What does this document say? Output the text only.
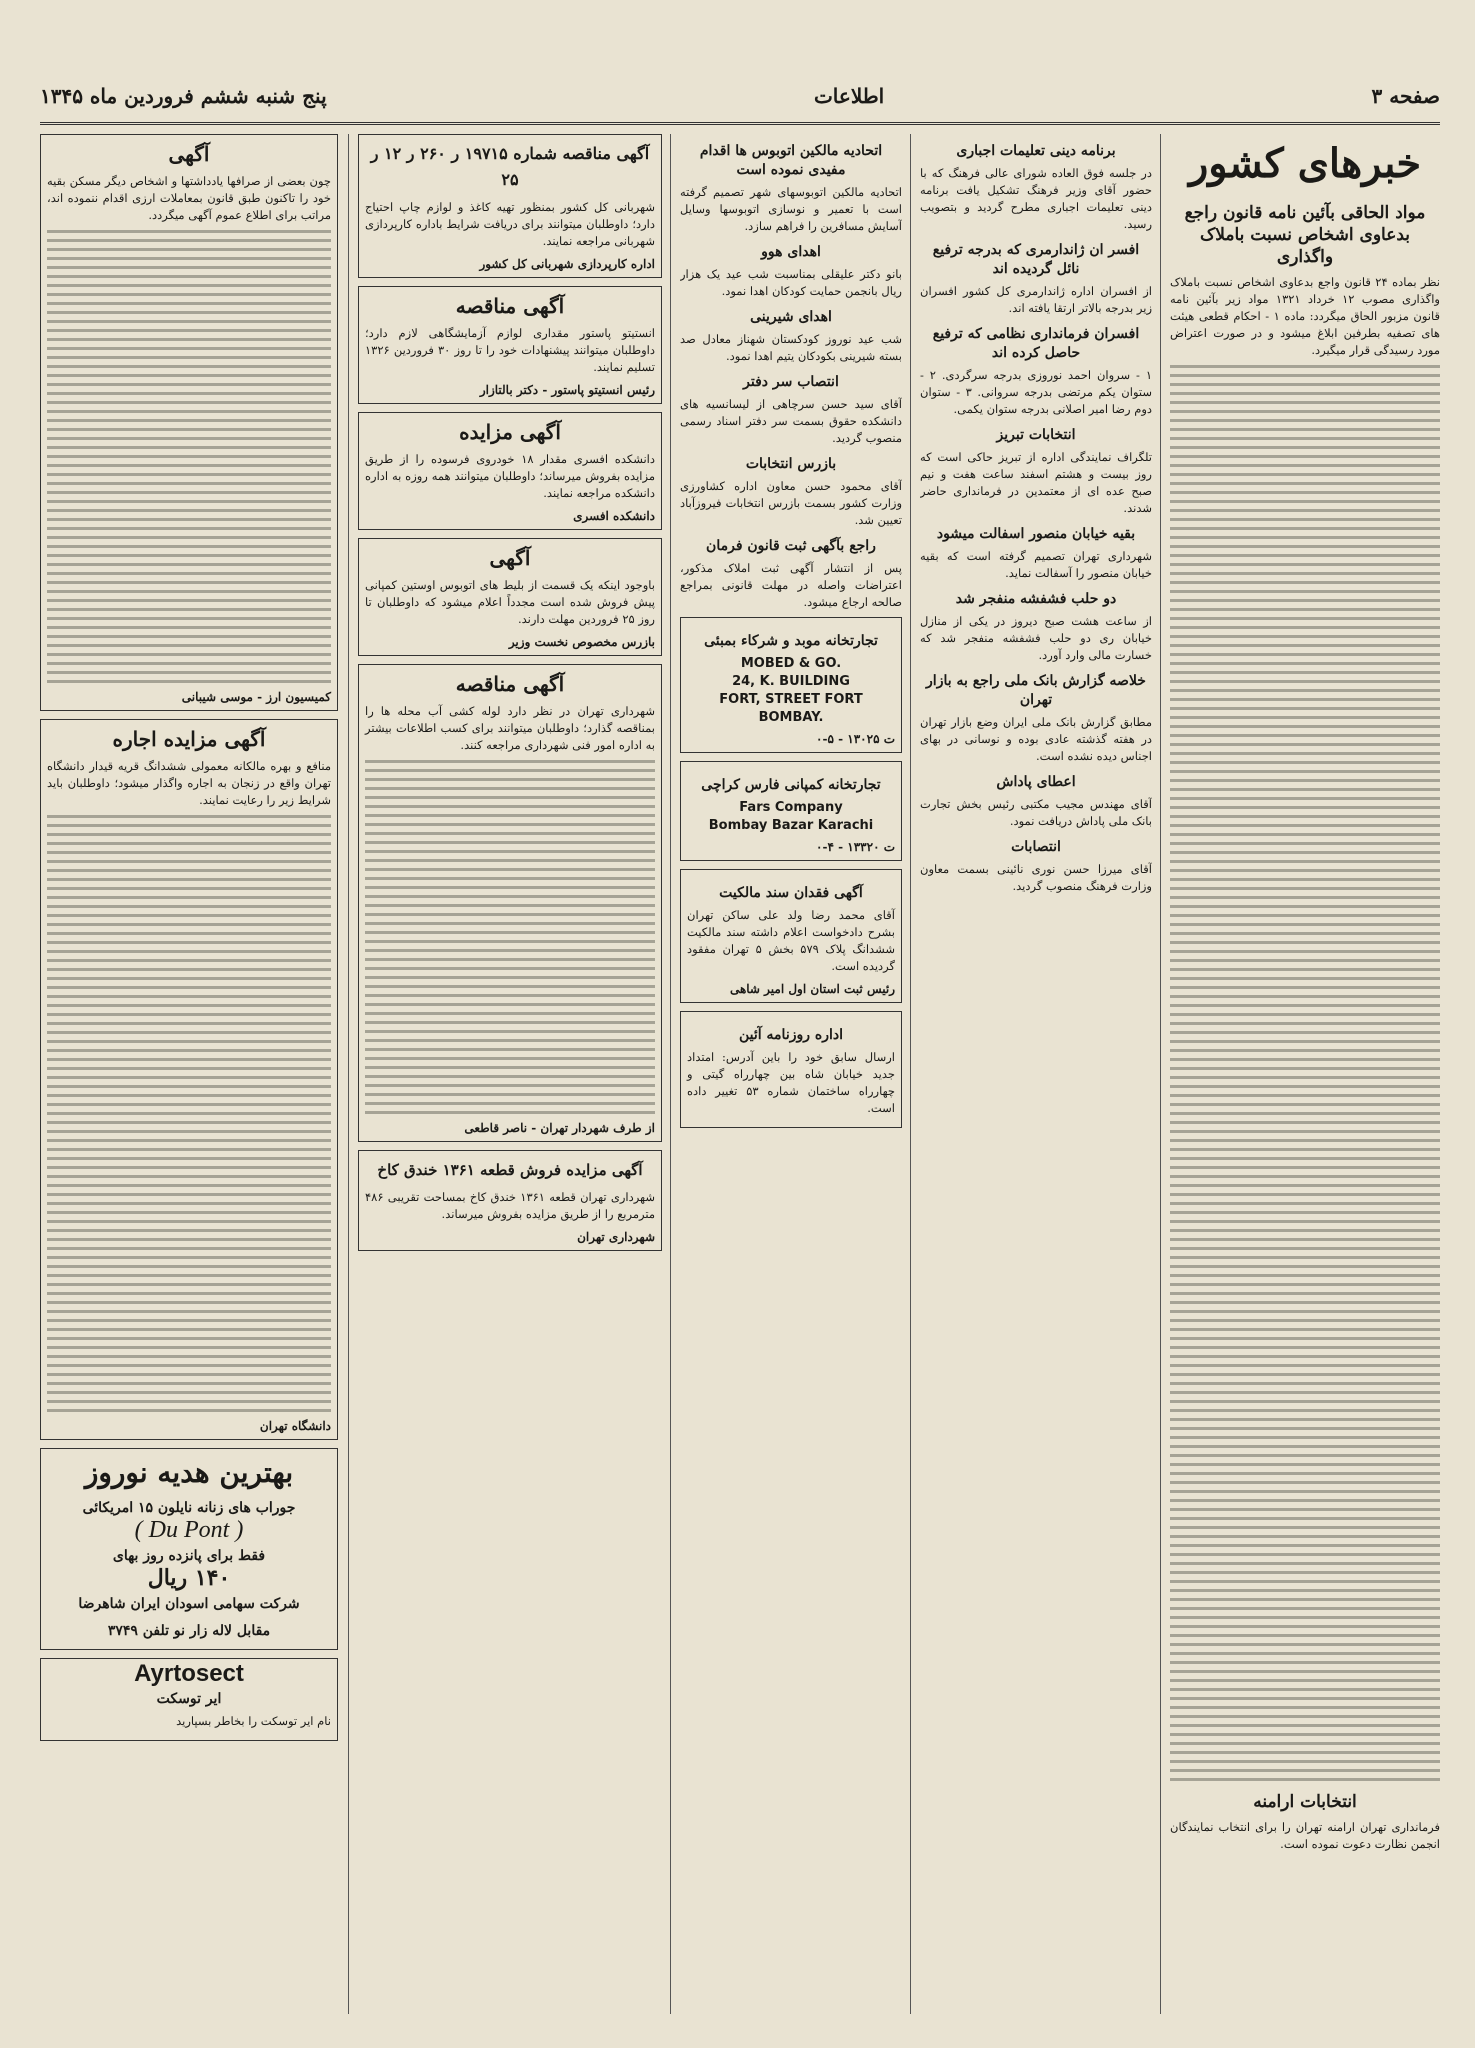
صفحه ۳
اطلاعات
پنج شنبه ششم فروردین ماه ۱۳۴۵
خبرهای کشور
مواد الحاقی بآئین نامه قانون راجع بدعاوی اشخاص نسبت باملاک واگذاری

نظر بماده ۲۴ قانون واجع بدعاوی اشخاص نسبت باملاک واگذاری مصوب ۱۲ خرداد ۱۳۲۱ مواد زیر بآئین نامه قانون مزبور الحاق میگردد: ماده ۱ - احکام قطعی هیئت های تصفیه بطرفین ابلاغ میشود و در صورت اعتراض مورد رسیدگی قرار میگیرد.

انتخابات ارامنه

فرمانداری تهران ارامنه تهران را برای انتخاب نمایندگان انجمن نظارت دعوت نموده است.

برنامه دینی تعلیمات اجباری

در جلسه فوق العاده شورای عالی فرهنگ که با حضور آقای وزیر فرهنگ تشکیل یافت برنامه دینی تعلیمات اجباری مطرح گردید و بتصویب رسید.

افسر ان ژاندارمری که بدرجه ترفیع نائل گردیده اند

از افسران اداره ژاندارمری کل کشور افسران زیر بدرجه بالاتر ارتقا یافته اند.

افسران فرمانداری نظامی که ترفیع حاصل کرده اند

۱ - سروان احمد نوروزی بدرجه سرگردی. ۲ - ستوان یکم مرتضی بدرجه سروانی. ۳ - ستوان دوم رضا امیر اصلانی بدرجه ستوان یکمی.

انتخابات تبریز

تلگراف نمایندگی اداره از تبریز حاکی است که روز بیست و هشتم اسفند ساعت هفت و نیم صبح عده ای از معتمدین در فرمانداری حاضر شدند.

بقیه خیابان منصور اسفالت میشود

شهرداری تهران تصمیم گرفته است که بقیه خیابان منصور را آسفالت نماید.

دو حلب فشفشه منفجر شد

از ساعت هشت صبح دیروز در یکی از منازل خیابان ری دو حلب فشفشه منفجر شد که خسارت مالی وارد آورد.

خلاصه گزارش بانک ملی راجع به بازار تهران

مطابق گزارش بانک ملی ایران وضع بازار تهران در هفته گذشته عادی بوده و نوسانی در بهای اجناس دیده نشده است.

اعطای پاداش

آقای مهندس مجیب مکتبی رئیس بخش تجارت بانک ملی پاداش دریافت نمود.

انتصابات

آقای میرزا حسن نوری نائینی بسمت معاون وزارت فرهنگ منصوب گردید.

اتحادیه مالکین اتوبوس ها اقدام مفیدی نموده است

اتحادیه مالکین اتوبوسهای شهر تصمیم گرفته است با تعمیر و نوسازی اتوبوسها وسایل آسایش مسافرین را فراهم سازد.

اهدای هوو

بانو دکتر علیقلی بمناسبت شب عید یک هزار ریال بانجمن حمایت کودکان اهدا نمود.

اهدای شیرینی

شب عید نوروز کودکستان شهناز معادل صد بسته شیرینی بکودکان یتیم اهدا نمود.

انتصاب سر دفتر

آقای سید حسن سرچاهی از لیسانسیه های دانشکده حقوق بسمت سر دفتر اسناد رسمی منصوب گردید.

بازرس انتخابات

آقای محمود حسن معاون اداره کشاورزی وزارت کشور بسمت بازرس انتخابات فیروزآباد تعیین شد.

راجع بآگهی ثبت قانون فرمان

پس از انتشار آگهی ثبت املاک مذکور، اعتراضات واصله در مهلت قانونی بمراجع صالحه ارجاع میشود.

تجارتخانه موبد و شرکاء بمبئی
MOBED & GO.
24, K. BUILDING
FORT, STREET FORT
BOMBAY.
ت ۱۳۰۲۵ - ۵-۰
تجارتخانه کمپانی فارس کراچی
Fars Company
Bombay Bazar Karachi
ت ۱۳۳۲۰ - ۴-۰
آگهی فقدان سند مالکیت

آقای محمد رضا ولد علی ساکن تهران بشرح دادخواست اعلام داشته سند مالکیت ششدانگ پلاک ۵۷۹ بخش ۵ تهران مفقود گردیده است.

رئیس ثبت استان اول امیر شاهی
اداره روزنامه آئین

ارسال سابق خود را باین آدرس: امتداد جدید خیابان شاه بین چهارراه گیتی و چهارراه ساختمان شماره ۵۳ تغییر داده است.

آگهی مناقصه شماره ۱۹۷۱۵ ر ۲۶۰ ر ۱۲ ر ۲۵

شهربانی کل کشور بمنظور تهیه کاغذ و لوازم چاپ احتیاج دارد؛ داوطلبان میتوانند برای دریافت شرایط باداره کارپردازی شهربانی مراجعه نمایند.

اداره کارپردازی شهربانی کل کشور
آگهی مناقصه

انستیتو پاستور مقداری لوازم آزمایشگاهی لازم دارد؛ داوطلبان میتوانند پیشنهادات خود را تا روز ۳۰ فروردین ۱۳۲۶ تسلیم نمایند.

رئیس انستیتو پاستور - دکتر بالتازار
آگهی مزایده

دانشکده افسری مقدار ۱۸ خودروی فرسوده را از طریق مزایده بفروش میرساند؛ داوطلبان میتوانند همه روزه به اداره دانشکده مراجعه نمایند.

دانشکده افسری
آگهی

باوجود اینکه یک قسمت از بلیط های اتوبوس اوستین کمپانی پیش فروش شده است مجدداً اعلام میشود که داوطلبان تا روز ۲۵ فروردین مهلت دارند.

بازرس مخصوص نخست وزیر
آگهی مناقصه

شهرداری تهران در نظر دارد لوله کشی آب محله ها را بمناقصه گذارد؛ داوطلبان میتوانند برای کسب اطلاعات بیشتر به اداره امور فنی شهرداری مراجعه کنند.

از طرف شهردار تهران - ناصر قاطعی
آگهی مزایده فروش قطعه ۱۳۶۱ خندق کاخ

شهرداری تهران قطعه ۱۳۶۱ خندق کاخ بمساحت تقریبی ۴۸۶ مترمربع را از طریق مزایده بفروش میرساند.

شهرداری تهران
آگهی

چون بعضی از صرافها یادداشتها و اشخاص دیگر مسکن بقیه خود را تاکنون طبق قانون بمعاملات ارزی اقدام ننموده اند، مراتب برای اطلاع عموم آگهی میگردد.

کمیسیون ارز - موسی شیبانی
آگهی مزایده اجاره

منافع و بهره مالکانه معمولی ششدانگ قریه قیدار دانشگاه تهران واقع در زنجان به اجاره واگذار میشود؛ داوطلبان باید شرایط زیر را رعایت نمایند.

دانشگاه تهران
بهترین هدیه نوروز
جوراب های زنانه نایلون ۱۵ امریکائی
( Du Pont )
فقط برای پانزده روز بهای
۱۴۰ ریال
شرکت سهامی اسودان ایران شاهرضا
مقابل لاله زار نو تلفن ۳۷۴۹
Ayrtosect
ایر توسکت

نام ایر توسکت را بخاطر بسپارید
